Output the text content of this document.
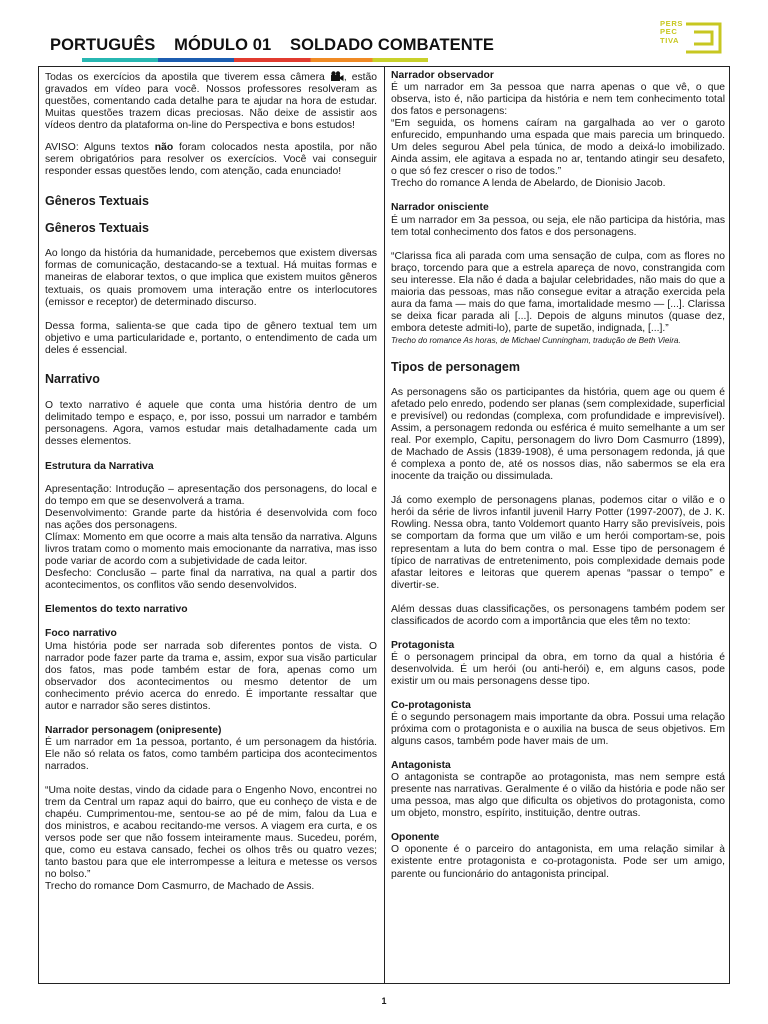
PORTUGUÊS MÓDULO 01 SOLDADO COMBATENTE
PERS
PEC
TIVA

Todas os exercícios da apostila que tiverem essa câmera , estão gravados em vídeo para você. Nossos professores resolveram as questões, comentando cada detalhe para te ajudar na hora de estudar. Muitas questões trazem dicas preciosas. Não deixe de assistir aos vídeos dentro da plataforma on-line do Perspectiva e bons estudos!

AVISO: Alguns textos não foram colocados nesta apostila, por não serem obrigatórios para resolver os exercícios. Você vai conseguir responder essas questões lendo, com atenção, cada enunciado!

Gêneros Textuais

Gêneros Textuais

Ao longo da história da humanidade, percebemos que existem diversas formas de comunicação, destacando-se a textual. Há muitas formas e maneiras de elaborar textos, o que implica que existem muitos gêneros textuais, os quais promovem uma interação entre os interlocutores (emissor e receptor) de determinado discurso.

Dessa forma, salienta-se que cada tipo de gênero textual tem um objetivo e uma particularidade e, portanto, o entendimento de cada um deles é essencial.

Narrativo

O texto narrativo é aquele que conta uma história dentro de um delimitado tempo e espaço, e, por isso, possui um narrador e também personagens. Agora, vamos estudar mais detalhadamente cada um desses elementos.

Estrutura da Narrativa

Apresentação: Introdução – apresentação dos personagens, do local e do tempo em que se desenvolverá a trama.

Desenvolvimento: Grande parte da história é desenvolvida com foco nas ações dos personagens.

Clímax: Momento em que ocorre a mais alta tensão da narrativa. Alguns livros tratam como o momento mais emocionante da narrativa, mas isso pode variar de acordo com a subjetividade de cada leitor.

Desfecho: Conclusão – parte final da narrativa, na qual a partir dos acontecimentos, os conflitos vão sendo desenvolvidos.

Elementos do texto narrativo

Foco narrativo

Uma história pode ser narrada sob diferentes pontos de vista. O narrador pode fazer parte da trama e, assim, expor sua visão particular dos fatos, mas pode também estar de fora, apenas como um observador dos acontecimentos ou mesmo detentor de um conhecimento prévio acerca do enredo. É importante ressaltar que autor e narrador são seres distintos.

Narrador personagem (onipresente)

É um narrador em 1a pessoa, portanto, é um personagem da história. Ele não só relata os fatos, como também participa dos acontecimentos narrados.

“Uma noite destas, vindo da cidade para o Engenho Novo, encontrei no trem da Central um rapaz aqui do bairro, que eu conheço de vista e de chapéu. Cumprimentou-me, sentou-se ao pé de mim, falou da Lua e dos ministros, e acabou recitando-me versos. A viagem era curta, e os versos pode ser que não fossem inteiramente maus. Sucedeu, porém, que, como eu estava cansado, fechei os olhos três ou quatro vezes; tanto bastou para que ele interrompesse a leitura e metesse os versos no bolso.”

Trecho do romance Dom Casmurro, de Machado de Assis.

Narrador observador

É um narrador em 3a pessoa que narra apenas o que vê, o que observa, isto é, não participa da história e nem tem conhecimento total dos fatos e personagens:

“Em seguida, os homens caíram na gargalhada ao ver o garoto enfurecido, empunhando uma espada que mais parecia um brinquedo. Um deles segurou Abel pela túnica, de modo a deixá-lo imobilizado. Ainda assim, ele agitava a espada no ar, tentando atingir seu desafeto, o que só fez crescer o riso de todos.”

Trecho do romance A lenda de Abelardo, de Dionisio Jacob.

Narrador onisciente

É um narrador em 3a pessoa, ou seja, ele não participa da história, mas tem total conhecimento dos fatos e dos personagens.

“Clarissa fica ali parada com uma sensação de culpa, com as flores no braço, torcendo para que a estrela apareça de novo, constrangida com seu interesse. Ela não é dada a bajular celebridades, não mais do que a maioria das pessoas, mas não consegue evitar a atração exercida pela aura da fama — mais do que fama, imortalidade mesmo — [...]. Clarissa se deixa ficar parada ali [...]. Depois de alguns minutos (quase dez, embora deteste admiti-lo), parte de supetão, indignada, [...].”

Trecho do romance As horas, de Michael Cunningham, tradução de Beth Vieira.

Tipos de personagem

As personagens são os participantes da história, quem age ou quem é afetado pelo enredo, podendo ser planas (sem complexidade, superficial e previsível) ou redondas (complexa, com profundidade e imprevisível). Assim, a personagem redonda ou esférica é muito semelhante a um ser real. Por exemplo, Capitu, personagem do livro Dom Casmurro (1899), de Machado de Assis (1839-1908), é uma personagem redonda, já que é complexa a ponto de, até os nossos dias, não sabermos se ela era inocente da traição ou dissimulada.

Já como exemplo de personagens planas, podemos citar o vilão e o herói da série de livros infantil juvenil Harry Potter (1997-2007), de J. K. Rowling. Nessa obra, tanto Voldemort quanto Harry são previsíveis, pois se comportam da forma que um vilão e um herói comportam-se, pois representam a luta do bem contra o mal. Esse tipo de personagem é típico de narrativas de entretenimento, pois complexidade demais pode afastar leitores e leitoras que querem apenas “passar o tempo” e divertir-se.

Além dessas duas classificações, os personagens também podem ser classificados de acordo com a importância que eles têm no texto:

Protagonista

É o personagem principal da obra, em torno da qual a história é desenvolvida. É um herói (ou anti-herói) e, em alguns casos, pode existir um ou mais personagens desse tipo.

Co-protagonista

É o segundo personagem mais importante da obra. Possui uma relação próxima com o protagonista e o auxilia na busca de seus objetivos. Em alguns casos, também pode haver mais de um.

Antagonista

O antagonista se contrapõe ao protagonista, mas nem sempre está presente nas narrativas. Geralmente é o vilão da história e pode não ser uma pessoa, mas algo que dificulta os objetivos do protagonista, como um objeto, monstro, espírito, instituição, dentre outras.

Oponente

O oponente é o parceiro do antagonista, em uma relação similar à existente entre protagonista e co-protagonista. Pode ser um amigo, parente ou funcionário do antagonista principal.

1
